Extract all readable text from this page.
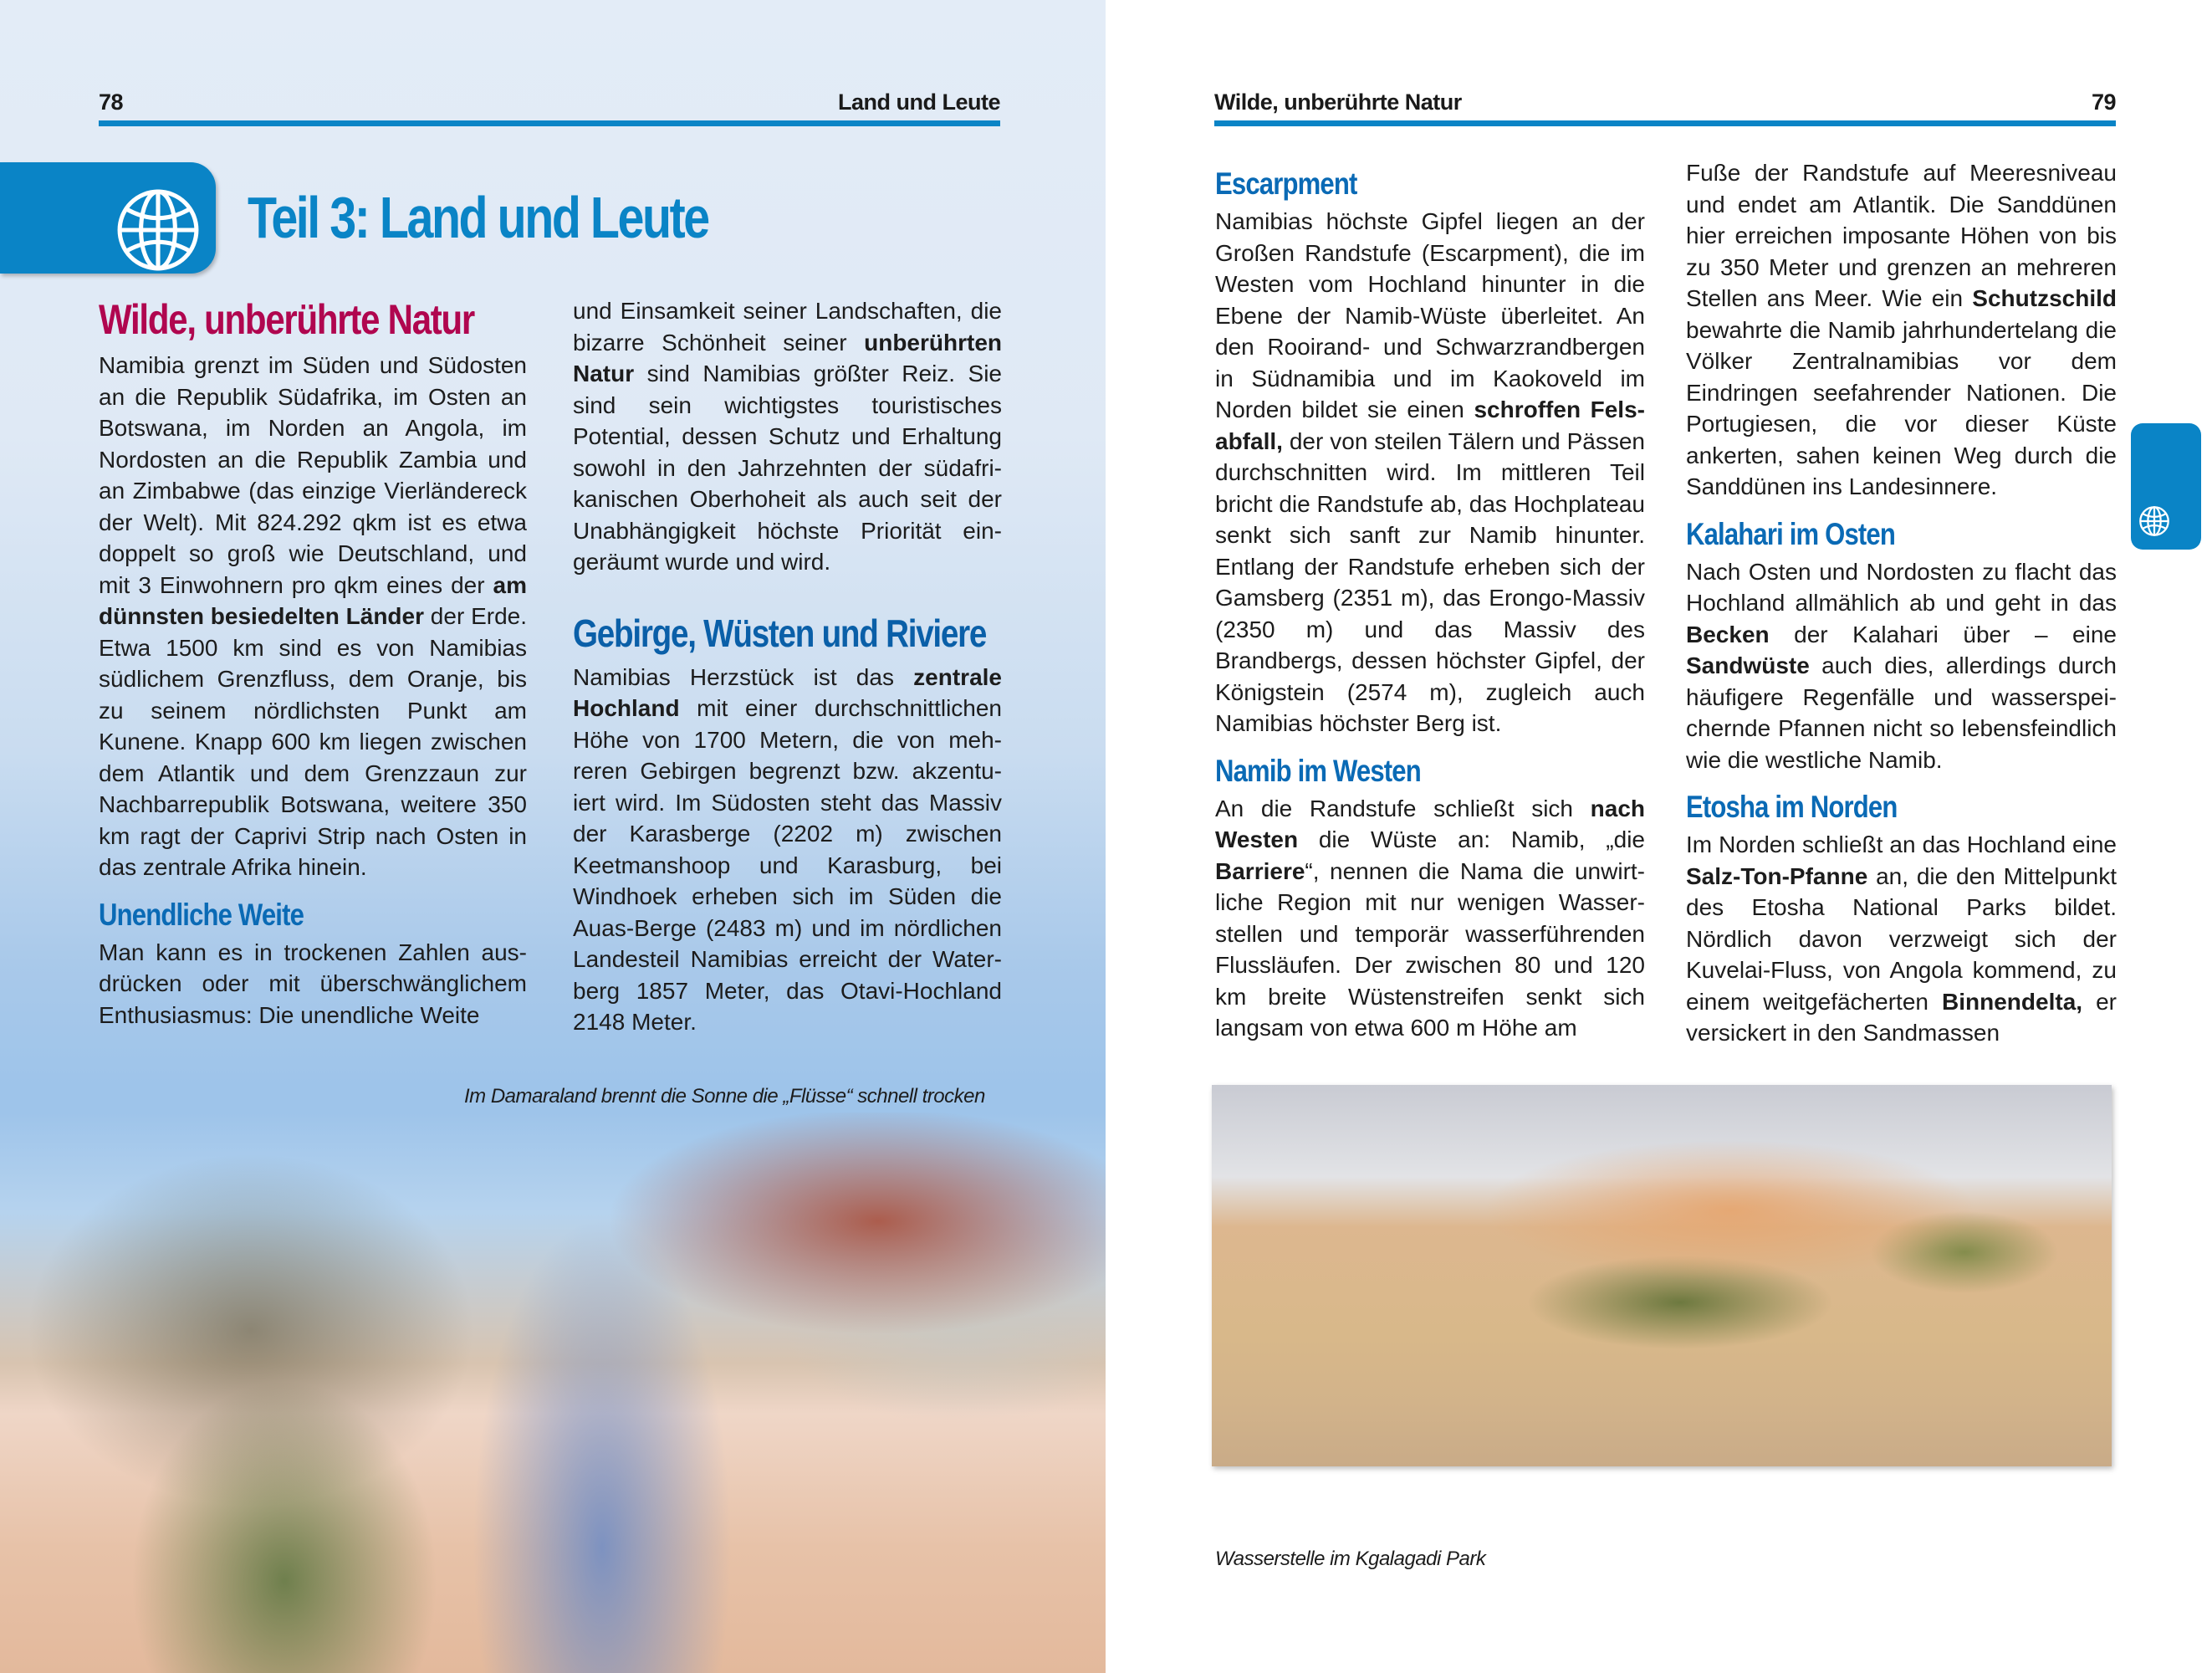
78	Land und Leute
Teil 3: Land und Leute
Wilde, unberührte Natur

Namibia grenzt im Süden und Südosten an die Republik Südafrika, im Osten an Botswana, im Norden an Angola, im Nordosten an die Republik Zambia und an Zimbabwe (das einzige Vierländereck der Welt). Mit 824.292 qkm ist es etwa doppelt so groß wie Deutschland, und mit 3 Einwohnern pro qkm eines der am dünnsten besiedelten Länder der Erde. Etwa 1500 km sind es von Namibias südlichem Grenzfluss, dem Oranje, bis zu seinem nördlichsten Punkt am Kunene. Knapp 600 km liegen zwischen dem Atlantik und dem Grenzzaun zur Nachbarrepublik Botswana, weitere 350 km ragt der Caprivi Strip nach Osten in das zentrale Afrika hinein.

Unendliche Weite

Man kann es in trockenen Zahlen ausdrücken oder mit überschwänglichem Enthusiasmus: Die unendliche Weite

und Einsamkeit seiner Landschaften, die bizarre Schönheit seiner unberührten Natur sind Namibias größter Reiz. Sie sind sein wichtigstes touristisches Potential, dessen Schutz und Erhaltung sowohl in den Jahrzehnten der südafrikanischen Oberhoheit als auch seit der Unabhängigkeit höchste Priorität eingeräumt wurde und wird.

Gebirge, Wüsten und Riviere

Namibias Herzstück ist das zentrale Hochland mit einer durchschnittlichen Höhe von 1700 Metern, die von mehreren Gebirgen begrenzt bzw. akzentuiert wird. Im Südosten steht das Massiv der Karasberge (2202 m) zwischen Keetmanshoop und Karasburg, bei Windhoek erheben sich im Süden die Auas-Berge (2483 m) und im nördlichen Landesteil Namibias erreicht der Waterberg 1857 Meter, das Otavi-Hochland 2148 Meter.

Im Damaraland brennt die Sonne die „Flüsse“ schnell trocken
Wilde, unberührte Natur	79
Escarpment

Namibias höchste Gipfel liegen an der Großen Randstufe (Escarpment), die im Westen vom Hochland hinunter in die Ebene der Namib-Wüste überleitet. An den Rooirand- und Schwarzrandbergen in Südnamibia und im Kaokoveld im Norden bildet sie einen schroffen Felsabfall, der von steilen Tälern und Pässen durchschnitten wird. Im mittleren Teil bricht die Randstufe ab, das Hochplateau senkt sich sanft zur Namib hinunter. Entlang der Randstufe erheben sich der Gamsberg (2351 m), das Erongo-Massiv (2350 m) und das Massiv des Brandbergs, dessen höchster Gipfel, der Königstein (2574 m), zugleich auch Namibias höchster Berg ist.

Namib im Westen

An die Randstufe schließt sich nach Westen die Wüste an: Namib, „die Barriere“, nennen die Nama die unwirtliche Region mit nur wenigen Wasserstellen und temporär wasserführenden Flussläufen. Der zwischen 80 und 120 km breite Wüstenstreifen senkt sich langsam von etwa 600 m Höhe am

Fuße der Randstufe auf Meeresniveau und endet am Atlantik. Die Sanddünen hier erreichen imposante Höhen von bis zu 350 Meter und grenzen an mehreren Stellen ans Meer. Wie ein Schutzschild bewahrte die Namib jahrhundertelang die Völker Zentralnamibias vor dem Eindringen seefahrender Nationen. Die Portugiesen, die vor dieser Küste ankerten, sahen keinen Weg durch die Sanddünen ins Landesinnere.

Kalahari im Osten

Nach Osten und Nordosten zu flacht das Hochland allmählich ab und geht in das Becken der Kalahari über – eine Sandwüste auch dies, allerdings durch häufigere Regenfälle und wasserspeichernde Pfannen nicht so lebensfeindlich wie die westliche Namib.

Etosha im Norden

Im Norden schließt an das Hochland eine Salz-Ton-Pfanne an, die den Mittelpunkt des Etosha National Parks bildet. Nördlich davon verzweigt sich der Kuvelai-Fluss, von Angola kommend, zu einem weitgefächerten Binnendelta, er versickert in den Sandmassen

Wasserstelle im Kgalagadi Park
